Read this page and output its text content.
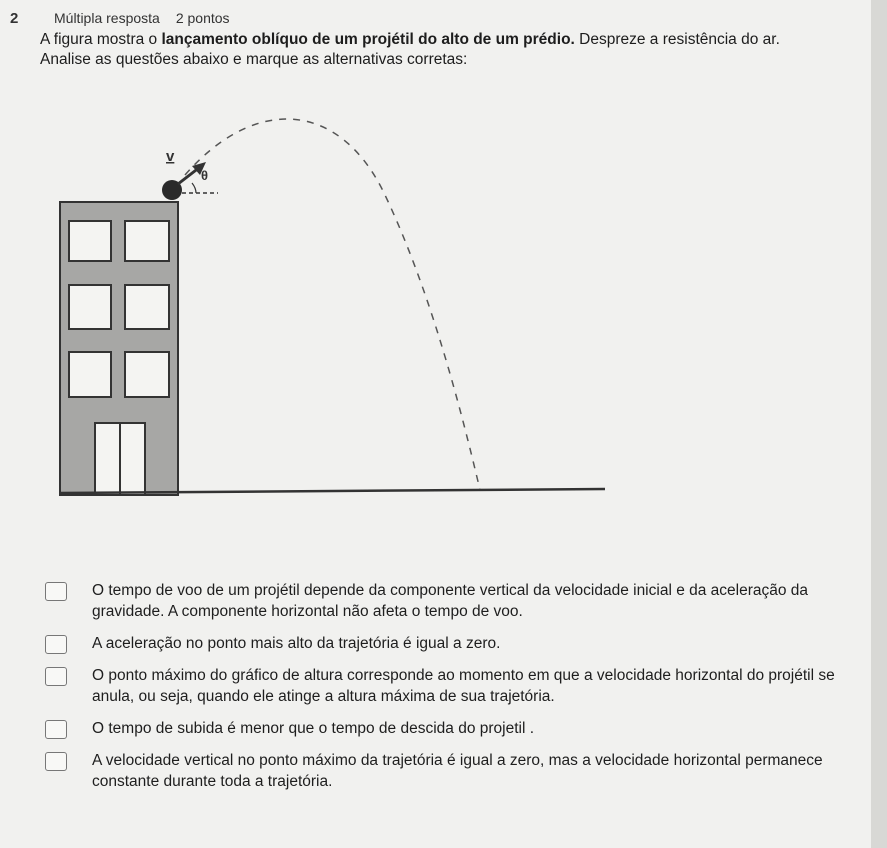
2	Múltipla resposta 2 pontos
A figura mostra o lançamento oblíquo de um projétil do alto de um prédio. Despreze a resistência do ar.
Analise as questões abaixo e marque as alternativas corretas:
v
θ
O tempo de voo de um projétil depende da componente vertical da velocidade inicial e da aceleração da gravidade. A componente horizontal não afeta o tempo de voo.
A aceleração no ponto mais alto da trajetória é igual a zero.
O ponto máximo do gráfico de altura corresponde ao momento em que a velocidade horizontal do projétil se anula, ou seja, quando ele atinge a altura máxima de sua trajetória.
O tempo de subida é menor que o tempo de descida do projetil .
A velocidade vertical no ponto máximo da trajetória é igual a zero, mas a velocidade horizontal permanece constante durante toda a trajetória.
